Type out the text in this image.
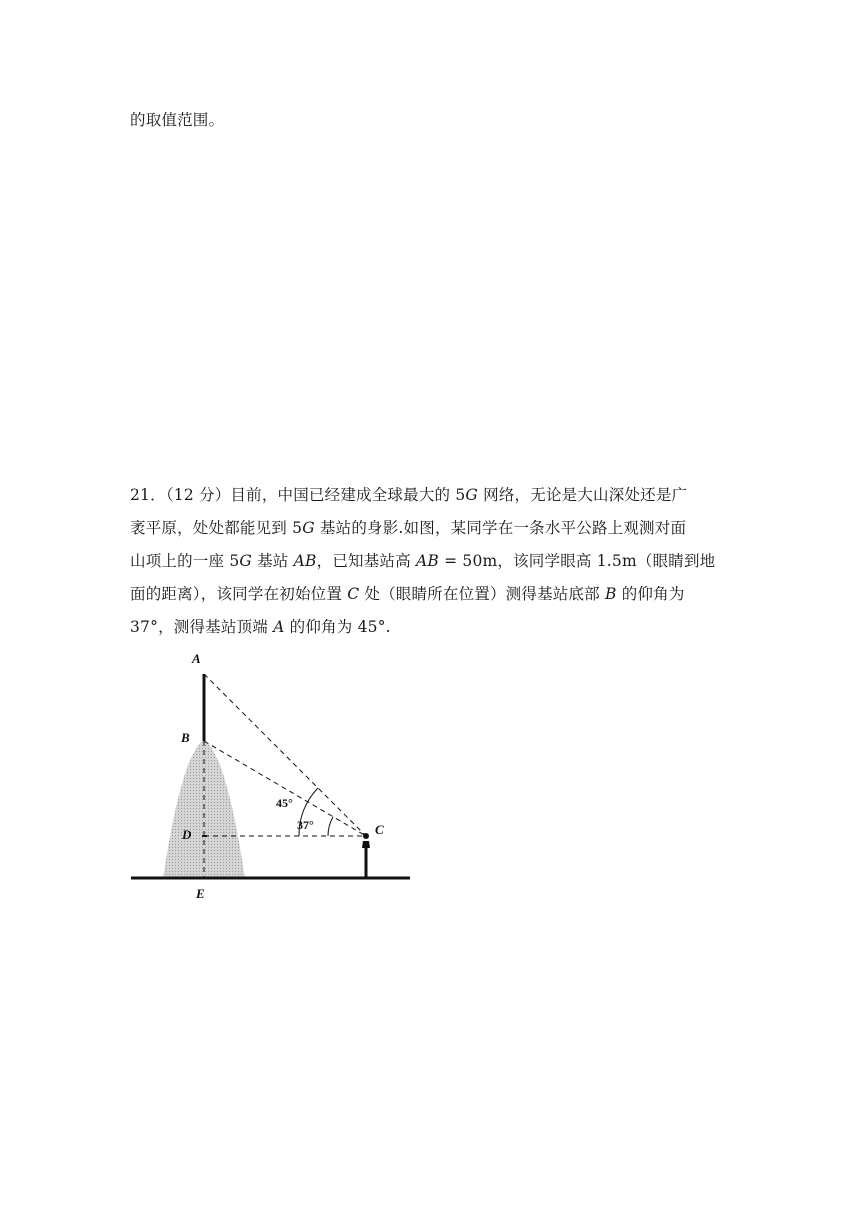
的取值范围。
21．（12 分）目前，中国已经建成全球最大的 5G 网络，无论是大山深处还是广
袤平原，处处都能见到 5G 基站的身影.如图，某同学在一条水平公路上观测对面
山项上的一座 5G 基站 AB，已知基站高 AB = 50m，该同学眼高 1.5m（眼睛到地
面的距离），该同学在初始位置 C 处（眼睛所在位置）测得基站底部 B 的仰角为
37°，测得基站顶端 A 的仰角为 45°.
A
B
D
E
C
45°
37°
